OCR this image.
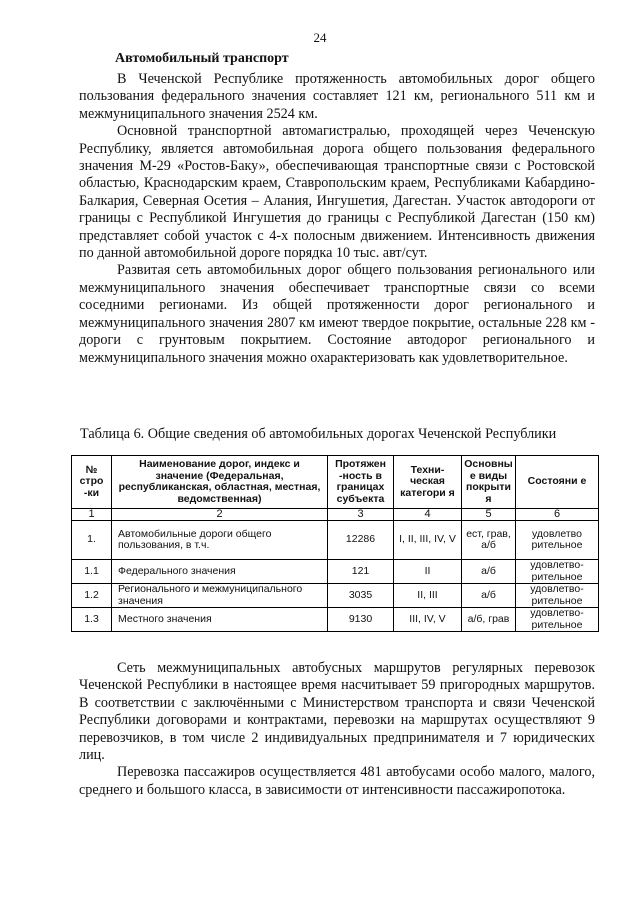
24
Автомобильный транспорт

В Чеченской Республике протяженность автомобильных дорог общего пользования федерального значения составляет 121 км, регионального 511 км и межмуниципального значения 2524 км.

Основной транспортной автомагистралью, проходящей через Чеченскую Республику, является автомобильная дорога общего пользования федерального значения М-29 «Ростов-Баку», обеспечивающая транспортные связи с Ростовской областью, Краснодарским краем, Ставропольским краем, Республиками Кабардино-Балкария, Северная Осетия – Алания, Ингушетия, Дагестан. Участок автодороги от границы с Республикой Ингушетия до границы с Республикой Дагестан (150 км) представляет собой участок с 4-х полосным движением. Интенсивность движения по данной автомобильной дороге порядка 10 тыс. авт/сут.

Развитая сеть автомобильных дорог общего пользования регионального или межмуниципального значения обеспечивает транспортные связи со всеми соседними регионами. Из общей протяженности дорог регионального и межмуниципального значения 2807 км имеют твердое покрытие, остальные 228 км - дороги с грунтовым покрытием. Состояние автодорог регионального и межмуниципального значения можно охарактеризовать как удовлетворительное.

Таблица 6. Общие сведения об автомобильных дорогах Чеченской Республики
№ стро -ки	Наименование дорог, индекс и значение (Федеральная, республиканская, областная, местная, ведомственная)	Протяжен -ность в границах субъекта	Техни- ческая категори я	Основны е виды покрыти я	Состояни е
1	2	3	4	5	6
1.	Автомобильные дороги общего пользования, в т.ч.	12286	I, II, III, IV, V	ест, грав, а/б	удовлетво рительное
1.1	Федерального значения	121	II	а/б	удовлетво- рительное
1.2	Регионального и межмуниципального значения	3035	II, III	а/б	удовлетво- рительное
1.3	Местного значения	9130	III, IV, V	а/б, грав	удовлетво- рительное

Сеть межмуниципальных автобусных маршрутов регулярных перевозок Чеченской Республики в настоящее время насчитывает 59 пригородных маршрутов. В соответствии с заключёнными с Министерством транспорта и связи Чеченской Республики договорами и контрактами, перевозки на маршрутах осуществляют 9 перевозчиков, в том числе 2 индивидуальных предпринимателя и 7 юридических лиц.

Перевозка пассажиров осуществляется 481 автобусами особо малого, малого, среднего и большого класса, в зависимости от интенсивности пассажиропотока.
